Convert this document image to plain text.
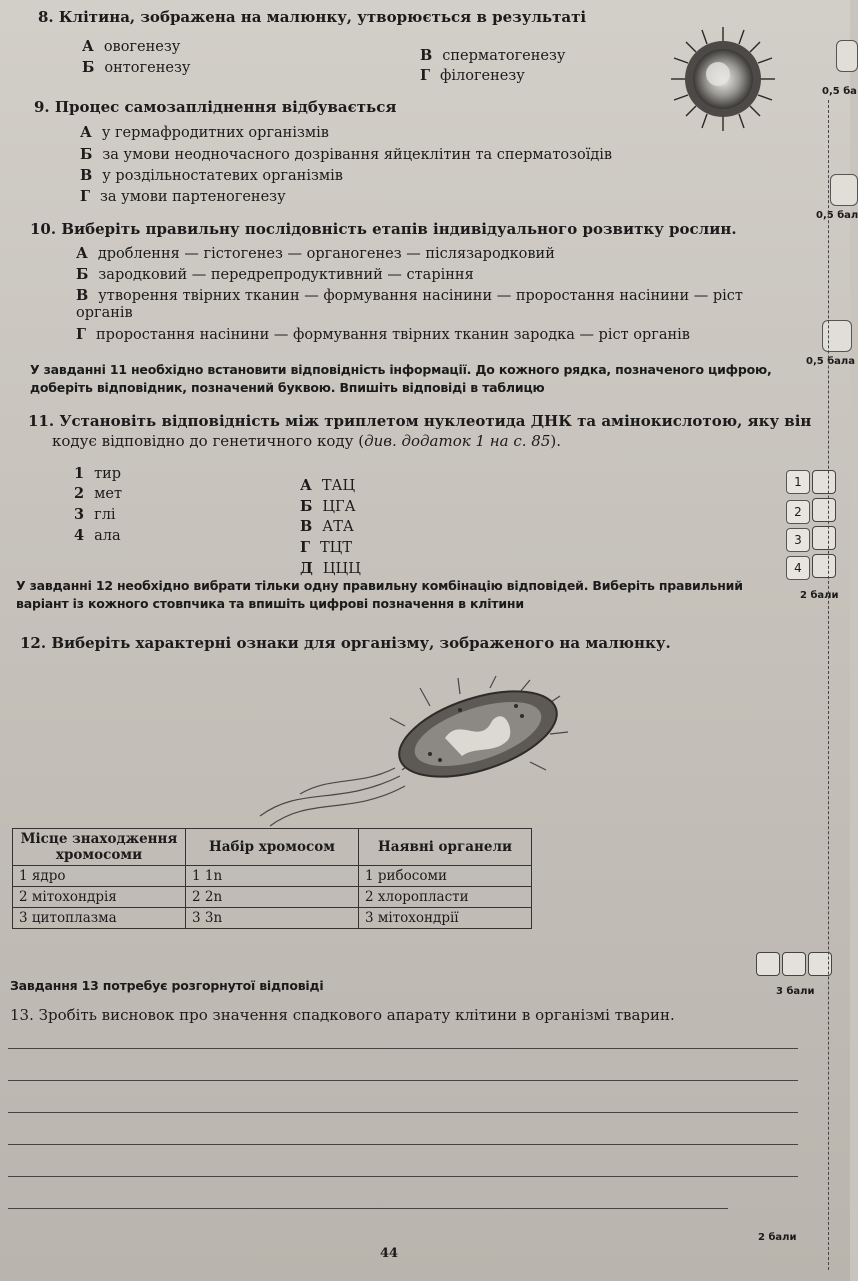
8. Клітина, зображена на малюнку, утворюється в результаті
А овогенезу
Б онтогенезу
В сперматогенезу
Г філогенезу
0,5 ба
9. Процес самозапліднення відбувається
А у гермафродитних організмів
Б за умови неодночасного дозрівання яйцеклітин та сперматозоїдів
В у роздільностатевих організмів
Г за умови партеногенезу
0,5 бал
10. Виберіть правильну послідовність етапів індивідуального розвитку рослин.
А дроблення — гістогенез — органогенез — післязародковий
Б зародковий — передрепродуктивний — старіння
В утворення твірних тканин — формування насінини — проростання насінини — ріст
органів
Г проростання насінини — формування твірних тканин зародка — ріст органів
0,5 бала
У завданні 11 необхідно встановити відповідність інформації. До кожного рядка, позначеного цифрою,
доберіть відповідник, позначений буквою. Впишіть відповіді в таблицю
11. Установіть відповідність між триплетом нуклеотида ДНК та амінокислотою, яку він
кодує відповідно до генетичного коду (див. додаток 1 на с. 85).
1 тир
2 мет
3 глі
4 ала
А ТАЦ
Б ЦГА
В АТА
Г ТЦТ
Д ЦЦЦ
1
2
3
4
2 бали
У завданні 12 необхідно вибрати тільки одну правильну комбінацію відповідей. Виберіть правильний
варіант із кожного стовпчика та впишіть цифрові позначення в клітини
12. Виберіть характерні ознаки для організму, зображеного на малюнку.
Місце знаходження хромосоми	Набір хромосом	Наявні органели
1 ядро	1 1n	1 рибосоми
2 мітохондрія	2 2n	2 хлоропласти
3 цитоплазма	3 3n	3 мітохондрії
3 бали
Завдання 13 потребує розгорнутої відповіді
13. Зробіть висновок про значення спадкового апарату клітини в організмі тварин.
2 бали
44
